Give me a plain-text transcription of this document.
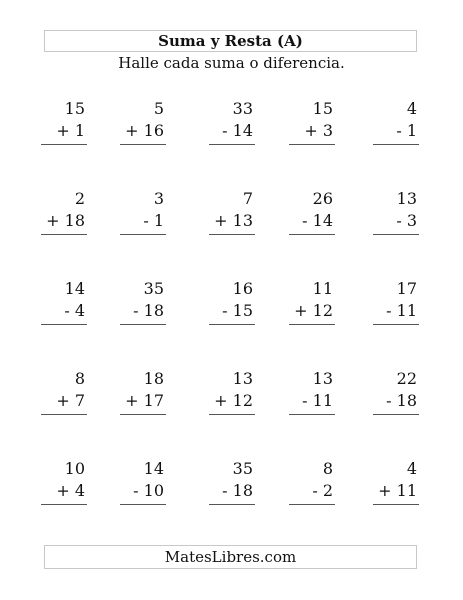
Suma y Resta (A)
Halle cada suma o diferencia.
15
+ 1
5
+ 16
33
- 14
15
+ 3
4
- 1
2
+ 18
3
- 1
7
+ 13
26
- 14
13
- 3
14
- 4
35
- 18
16
- 15
11
+ 12
17
- 11
8
+ 7
18
+ 17
13
+ 12
13
- 11
22
- 18
10
+ 4
14
- 10
35
- 18
8
- 2
4
+ 11
MatesLibres.com
